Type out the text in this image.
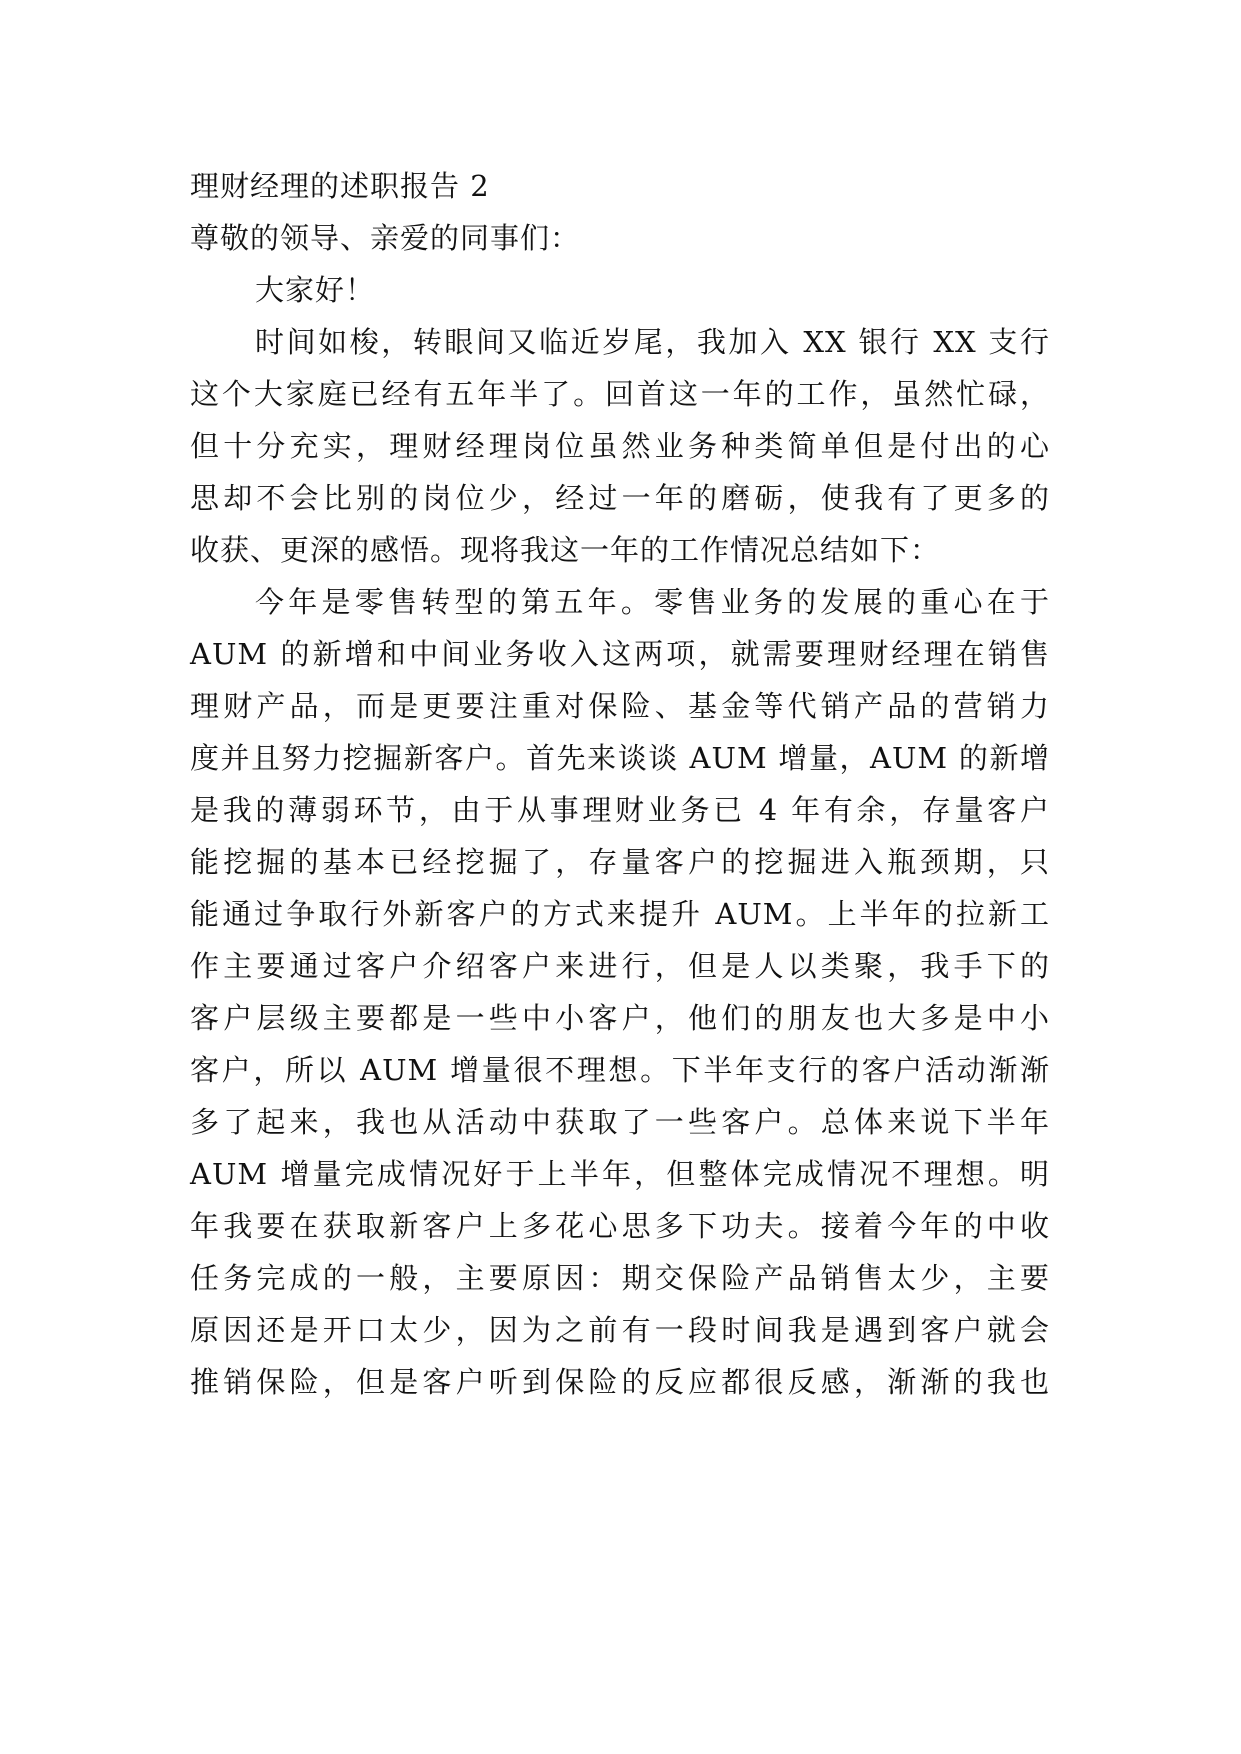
理财经理的述职报告 2
尊敬的领导、亲爱的同事们：
大家好！
时间如梭，转眼间又临近岁尾，我加入 XX 银行 XX 支行
这个大家庭已经有五年半了。回首这一年的工作，虽然忙碌，
但十分充实，理财经理岗位虽然业务种类简单但是付出的心
思却不会比别的岗位少，经过一年的磨砺，使我有了更多的
收获、更深的感悟。现将我这一年的工作情况总结如下：
今年是零售转型的第五年。零售业务的发展的重心在于
AUM 的新增和中间业务收入这两项，就需要理财经理在销售
理财产品，而是更要注重对保险、基金等代销产品的营销力
度并且努力挖掘新客户。首先来谈谈 AUM 增量，AUM 的新增
是我的薄弱环节，由于从事理财业务已 4 年有余，存量客户
能挖掘的基本已经挖掘了，存量客户的挖掘进入瓶颈期，只
能通过争取行外新客户的方式来提升 AUM。上半年的拉新工
作主要通过客户介绍客户来进行，但是人以类聚，我手下的
客户层级主要都是一些中小客户，他们的朋友也大多是中小
客户，所以 AUM 增量很不理想。下半年支行的客户活动渐渐
多了起来，我也从活动中获取了一些客户。总体来说下半年
AUM 增量完成情况好于上半年，但整体完成情况不理想。明
年我要在获取新客户上多花心思多下功夫。接着今年的中收
任务完成的一般，主要原因：期交保险产品销售太少，主要
原因还是开口太少，因为之前有一段时间我是遇到客户就会
推销保险，但是客户听到保险的反应都很反感，渐渐的我也
